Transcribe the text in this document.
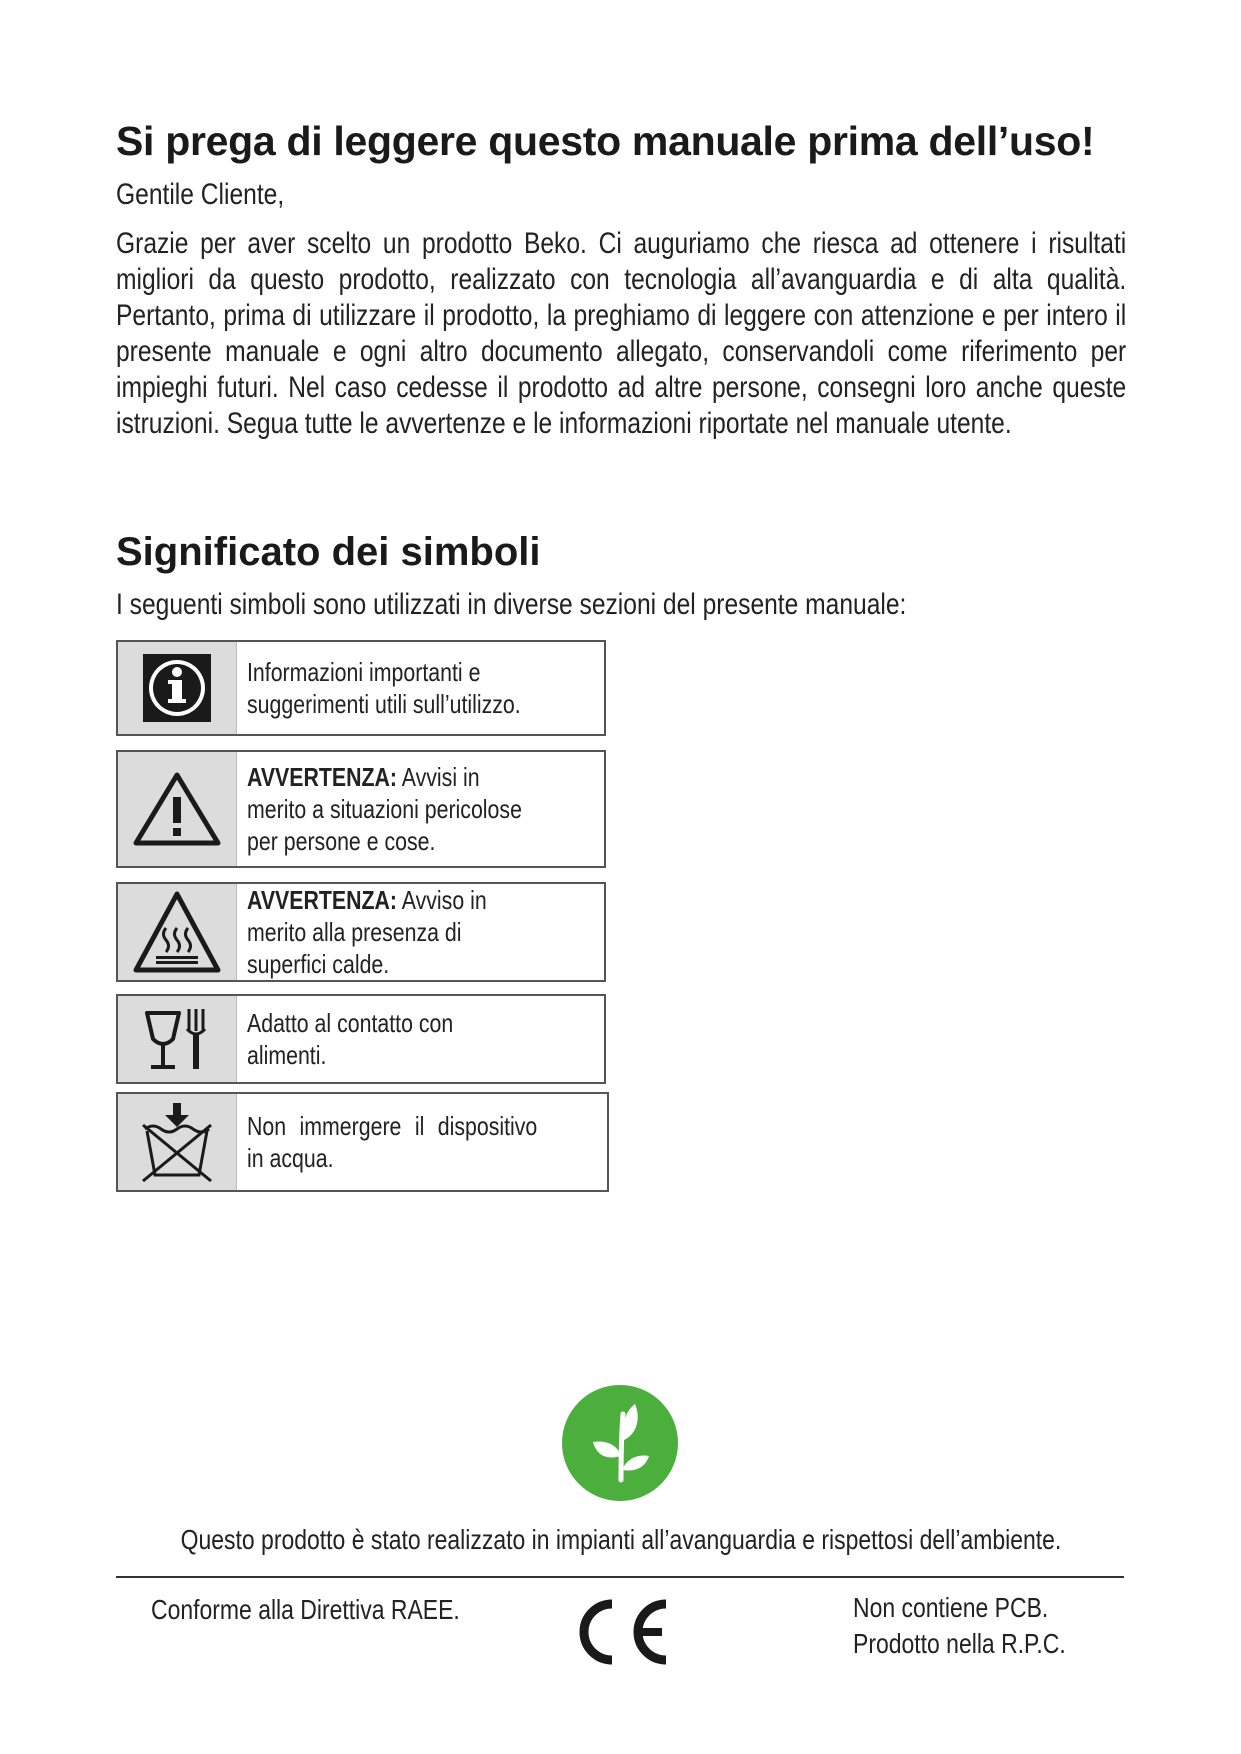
Si prega di leggere questo manuale prima dell’uso!

Gentile Cliente,

Grazie per aver scelto un prodotto Beko. Ci auguriamo che riesca ad ottenere i risultati migliori da questo prodotto, realizzato con tecnologia all’avanguardia e di alta qualità. Pertanto, prima di utilizzare il prodotto, la preghiamo di leggere con attenzione e per intero il presente manuale e ogni altro documento allegato, conservandoli come riferimento per impieghi futuri. Nel caso cedesse il prodotto ad altre persone, consegni loro anche queste istruzioni. Segua tutte le avvertenze e le informazioni riportate nel manuale utente.
Significato dei simboli

I seguenti simboli sono utilizzati in diverse sezioni del presente manuale:

Informazioni importanti e suggerimenti utili sull’utilizzo.
AVVERTENZA: Avvisi in merito a situazioni pericolose per persone e cose.
AVVERTENZA: Avviso in merito alla presenza di superfici calde.
Adatto al contatto con alimenti.
Non immergere il dispositivo in acqua.

Questo prodotto è stato realizzato in impianti all’avanguardia e rispettosi dell’ambiente.

Conforme alla Direttiva RAEE.	Non contiene PCB.
Prodotto nella R.P.C.
